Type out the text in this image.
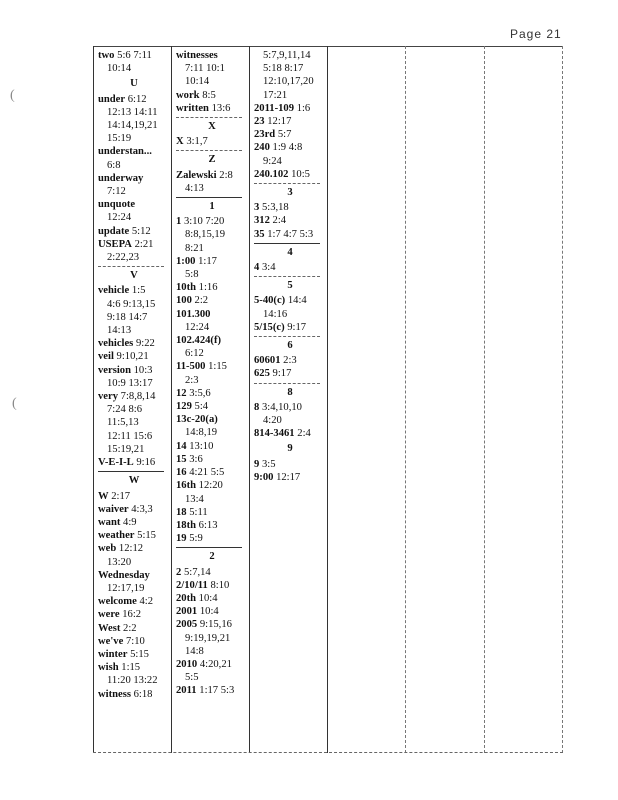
Page 21
(
(
two 5:6 7:11
10:14
U
under 6:12
12:13 14:11
14:14,19,21
15:19
understan...
6:8
underway
7:12
unquote
12:24
update 5:12
USEPA 2:21
2:22,23
V
vehicle 1:5
4:6 9:13,15
9:18 14:7
14:13
vehicles 9:22
veil 9:10,21
version 10:3
10:9 13:17
very 7:8,8,14
7:24 8:6
11:5,13
12:11 15:6
15:19,21
V-E-I-L 9:16
W
W 2:17
waiver 4:3,3
want 4:9
weather 5:15
web 12:12
13:20
Wednesday
12:17,19
welcome 4:2
were 16:2
West 2:2
we've 7:10
winter 5:15
wish 1:15
11:20 13:22
witness 6:18
witnesses
7:11 10:1
10:14
work 8:5
written 13:6
X
X 3:1,7
Z
Zalewski 2:8
4:13
1
1 3:10 7:20
8:8,15,19
8:21
1:00 1:17
5:8
10th 1:16
100 2:2
101.300
12:24
102.424(f)
6:12
11-500 1:15
2:3
12 3:5,6
129 5:4
13c-20(a)
14:8,19
14 13:10
15 3:6
16 4:21 5:5
16th 12:20
13:4
18 5:11
18th 6:13
19 5:9
2
2 5:7,14
2/10/11 8:10
20th 10:4
2001 10:4
2005 9:15,16
9:19,19,21
14:8
2010 4:20,21
5:5
2011 1:17 5:3
5:7,9,11,14
5:18 8:17
12:10,17,20
17:21
2011-109 1:6
23 12:17
23rd 5:7
240 1:9 4:8
9:24
240.102 10:5
3
3 5:3,18
312 2:4
35 1:7 4:7 5:3
4
4 3:4
5
5-40(c) 14:4
14:16
5/15(c) 9:17
6
60601 2:3
625 9:17
8
8 3:4,10,10
4:20
814-3461 2:4
9
9 3:5
9:00 12:17
